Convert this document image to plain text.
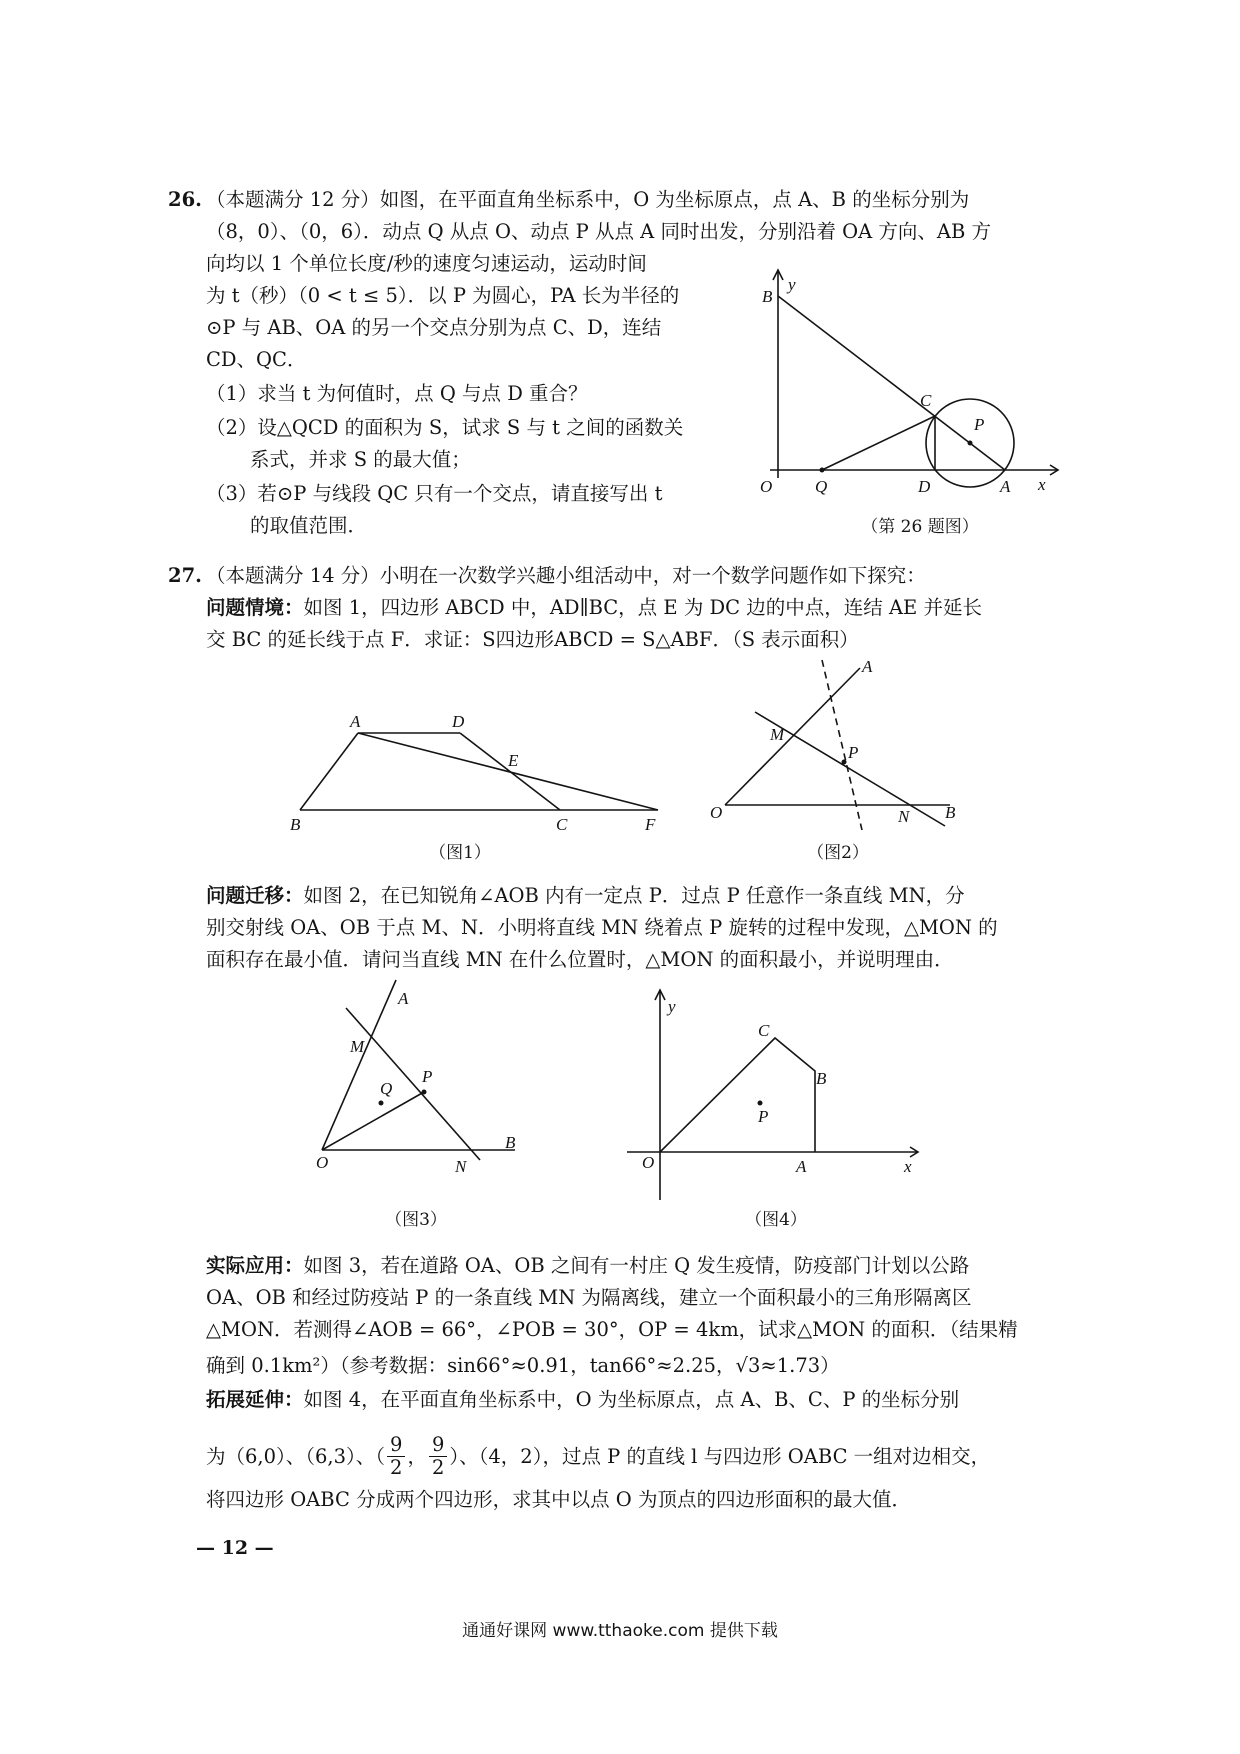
26. （本题满分 12 分）如图，在平面直角坐标系中，O 为坐标原点，点 A、B 的坐标分别为
（8，0）、（0，6）．动点 Q 从点 O、动点 P 从点 A 同时出发，分别沿着 OA 方向、AB 方
向均以 1 个单位长度/秒的速度匀速运动，运动时间
为 t（秒）（0 < t ≤ 5）．以 P 为圆心，PA 长为半径的
⊙P 与 AB、OA 的另一个交点分别为点 C、D，连结
CD、QC．
（1）求当 t 为何值时，点 Q 与点 D 重合？
（2）设△QCD 的面积为 S，试求 S 与 t 之间的函数关
系式，并求 S 的最大值；
（3）若⊙P 与线段 QC 只有一个交点，请直接写出 t
的取值范围．
B
y
C
P
O	Q	D	A x
（第 26 题图）
27. （本题满分 14 分）小明在一次数学兴趣小组活动中，对一个数学问题作如下探究：
问题情境：如图 1，四边形 ABCD 中，AD∥BC，点 E 为 DC 边的中点，连结 AE 并延长
交 BC 的延长线于点 F．求证：S四边形ABCD = S△ABF．（S 表示面积）
A	D
E
B	C	F
A
M
P
O	N B
（图1）	（图2）
问题迁移：如图 2，在已知锐角∠AOB 内有一定点 P．过点 P 任意作一条直线 MN，分
别交射线 OA、OB 于点 M、N．小明将直线 MN 绕着点 P 旋转的过程中发现，△MON 的
面积存在最小值．请问当直线 MN 在什么位置时，△MON 的面积最小，并说明理由．
A
M
Q
P
O	N
B
y
C
B
P
O	A	x
（图3）	（图4）
实际应用：如图 3，若在道路 OA、OB 之间有一村庄 Q 发生疫情，防疫部门计划以公路
OA、OB 和经过防疫站 P 的一条直线 MN 为隔离线，建立一个面积最小的三角形隔离区
△MON．若测得∠AOB = 66°，∠POB = 30°，OP = 4km，试求△MON 的面积．（结果精
确到 0.1km²）（参考数据：sin66°≈0.91，tan66°≈2.25，√3≈1.73）
拓展延伸：如图 4，在平面直角坐标系中，O 为坐标原点，点 A、B、C、P 的坐标分别
为（6,0）、（6,3）、（ $\frac{9}{2}$ ， $\frac{9}{2}$ ）、（4，2），过点 P 的直线 l 与四边形 OABC 一组对边相交，
将四边形 OABC 分成两个四边形，求其中以点 O 为顶点的四边形面积的最大值．
— 12 —
通通好课网 www.tthaoke.com 提供下载
